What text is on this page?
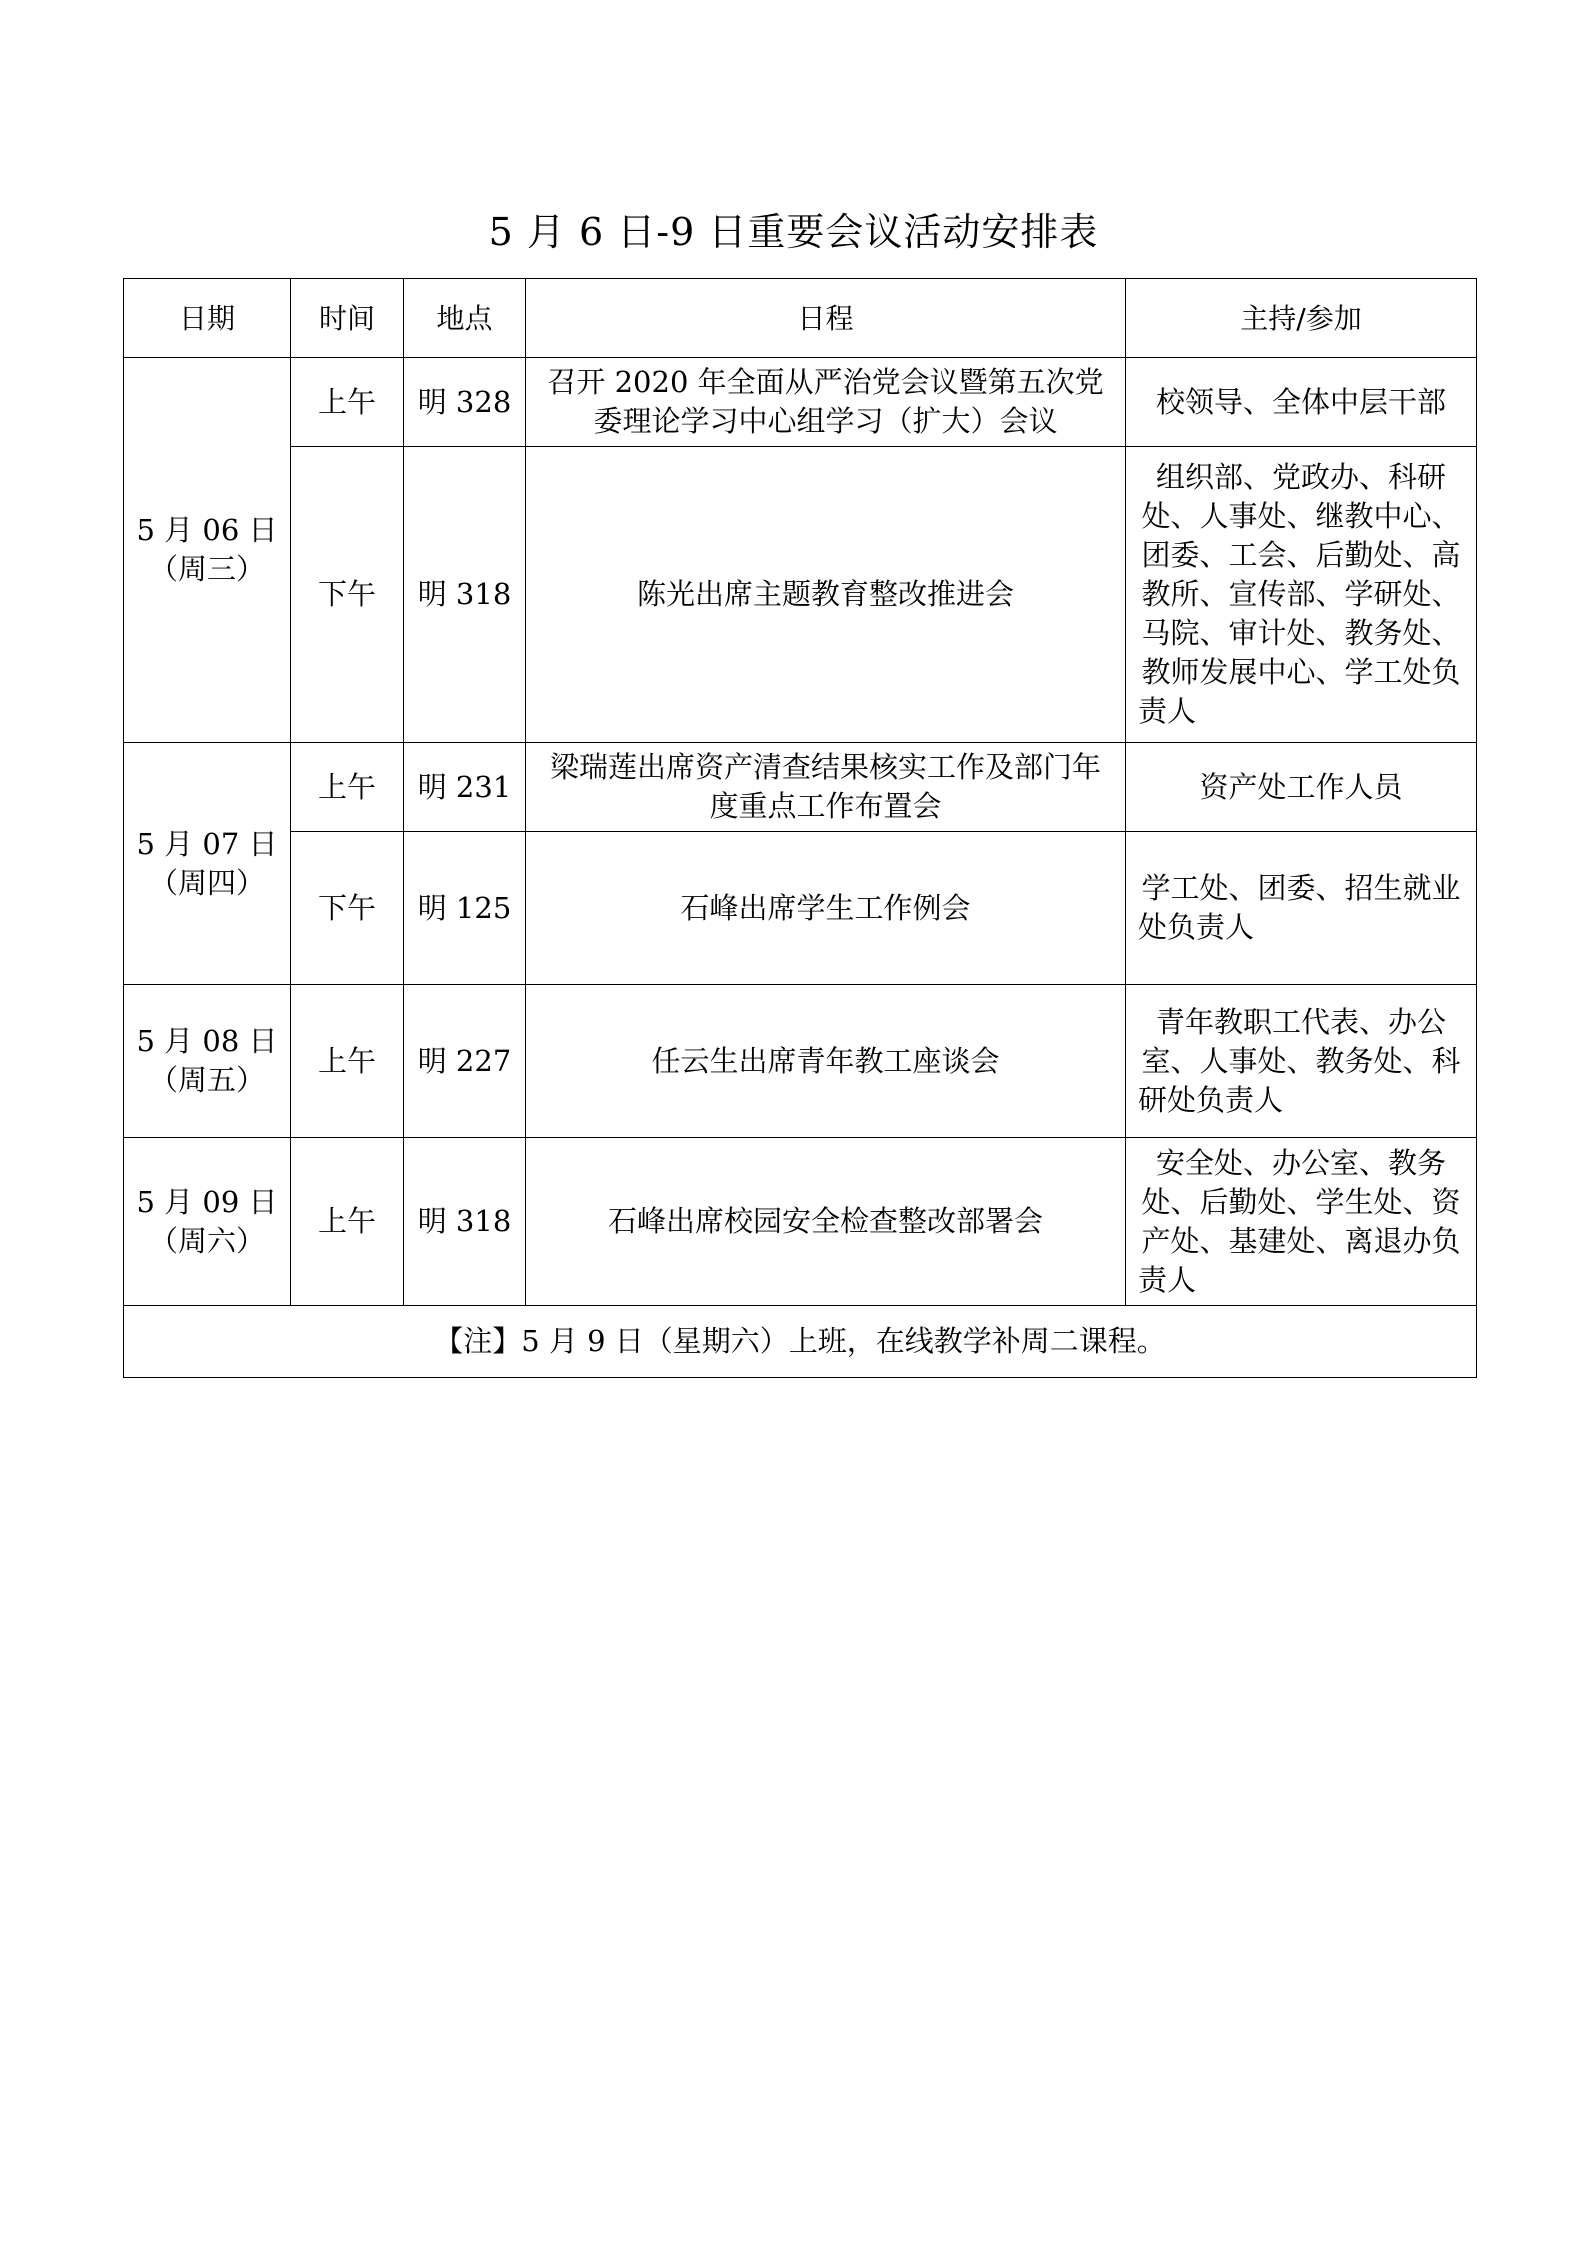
5 月 6 日-9 日重要会议活动安排表
日期	时间	地点	日程	主持/参加

5 月 06 日
（周三）	上午	明 328	召开 2020 年全面从严治党会议暨第五次党委理论学习中心组学习（扩大）会议	校领导、全体中层干部
	下午	明 318	陈光出席主题教育整改推进会	组织部、党政办、科研处、人事处、继教中心、团委、工会、后勤处、高教所、宣传部、学研处、马院、审计处、教务处、教师发展中心、学工处负责人

5 月 07 日
（周四）	上午	明 231	梁瑞莲出席资产清查结果核实工作及部门年度重点工作布置会	资产处工作人员
	下午	明 125	石峰出席学生工作例会	学工处、团委、招生就业处负责人

5 月 08 日
（周五）	上午	明 227	任云生出席青年教工座谈会	青年教职工代表、办公室、人事处、教务处、科研处负责人

5 月 09 日
（周六）	上午	明 318	石峰出席校园安全检查整改部署会	安全处、办公室、教务处、后勤处、学生处、资产处、基建处、离退办负责人
【注】5 月 9 日（星期六）上班，在线教学补周二课程。				
